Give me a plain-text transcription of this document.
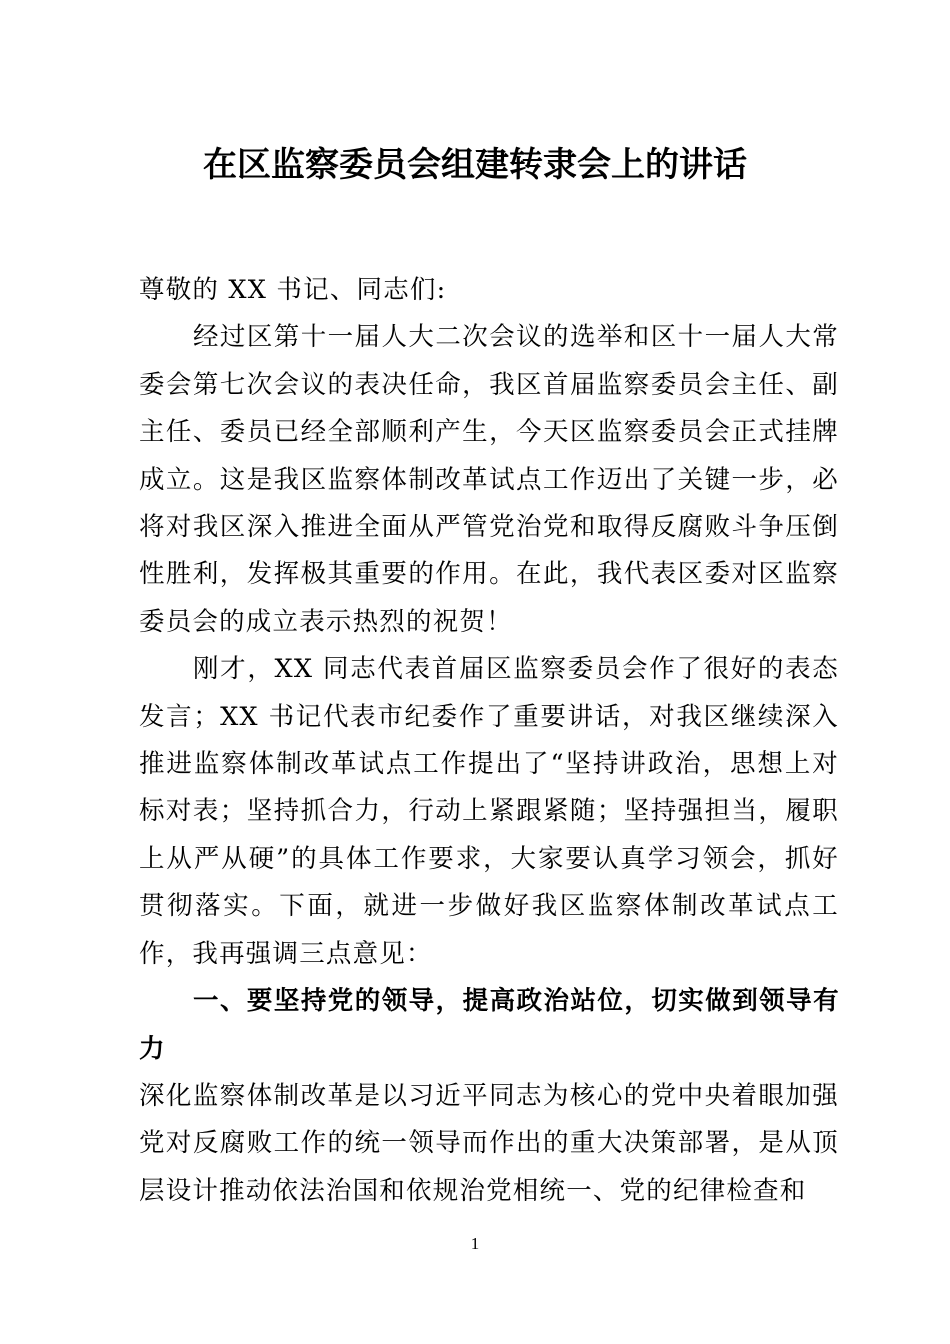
在区监察委员会组建转隶会上的讲话

尊敬的 XX 书记、同志们:

经过区第十一届人大二次会议的选举和区十一届人大常委会第七次会议的表决任命，我区首届监察委员会主任、副主任、委员已经全部顺利产生，今天区监察委员会正式挂牌成立。这是我区监察体制改革试点工作迈出了关键一步，必将对我区深入推进全面从严管党治党和取得反腐败斗争压倒性胜利，发挥极其重要的作用。在此，我代表区委对区监察委员会的成立表示热烈的祝贺！

刚才，XX 同志代表首届区监察委员会作了很好的表态发言；XX 书记代表市纪委作了重要讲话，对我区继续深入推进监察体制改革试点工作提出了“坚持讲政治，思想上对标对表；坚持抓合力，行动上紧跟紧随；坚持强担当，履职上从严从硬”的具体工作要求，大家要认真学习领会，抓好贯彻落实。下面，就进一步做好我区监察体制改革试点工作，我再强调三点意见：

一、要坚持党的领导，提高政治站位，切实做到领导有力

深化监察体制改革是以习近平同志为核心的党中央着眼加强党对反腐败工作的统一领导而作出的重大决策部署，是从顶层设计推动依法治国和依规治党相统一、党的纪律检查和

1
